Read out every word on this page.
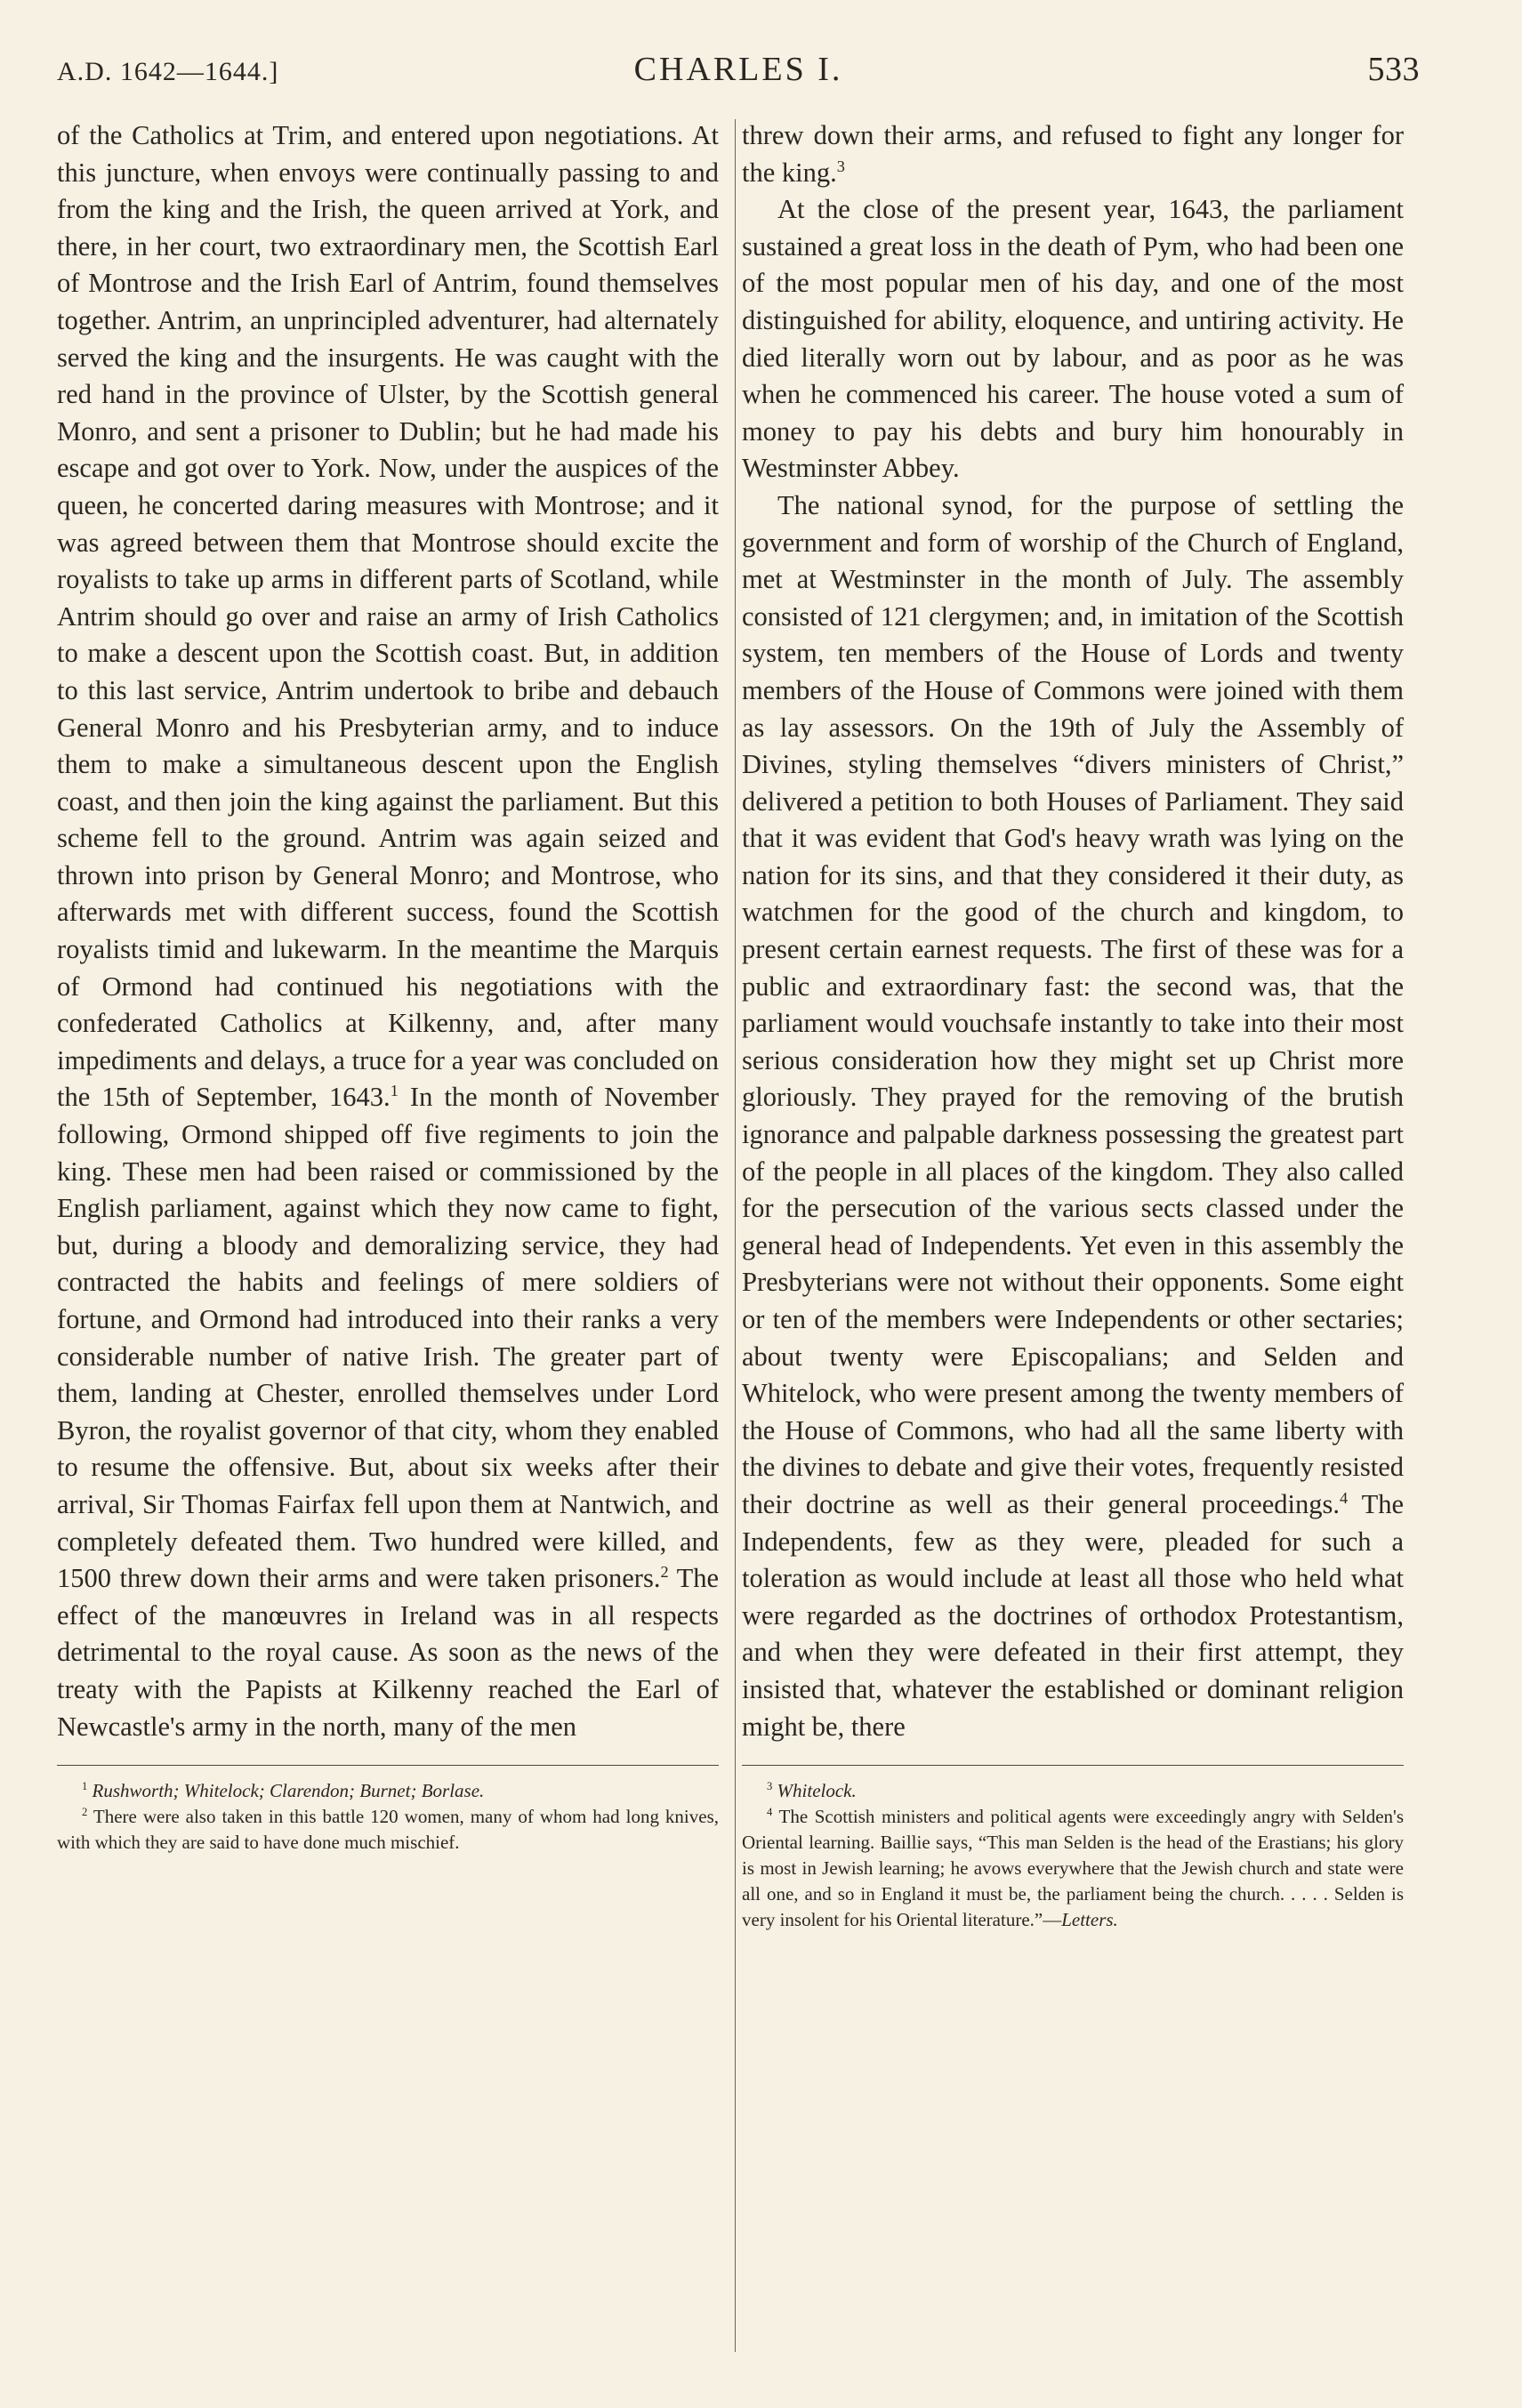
A.D. 1642—1644.]	CHARLES I.	533

of the Catholics at Trim, and entered upon negotiations. At this juncture, when envoys were continually passing to and from the king and the Irish, the queen arrived at York, and there, in her court, two extraordinary men, the Scottish Earl of Montrose and the Irish Earl of Antrim, found themselves together. Antrim, an unprincipled adventurer, had alternately served the king and the insurgents. He was caught with the red hand in the province of Ulster, by the Scottish general Monro, and sent a prisoner to Dublin; but he had made his escape and got over to York. Now, under the auspices of the queen, he concerted daring measures with Montrose; and it was agreed between them that Montrose should excite the royalists to take up arms in different parts of Scotland, while Antrim should go over and raise an army of Irish Catholics to make a descent upon the Scottish coast. But, in addition to this last service, Antrim undertook to bribe and debauch General Monro and his Presbyterian army, and to induce them to make a simultaneous descent upon the English coast, and then join the king against the parliament. But this scheme fell to the ground. Antrim was again seized and thrown into prison by General Monro; and Montrose, who afterwards met with different success, found the Scottish royalists timid and lukewarm. In the meantime the Marquis of Ormond had continued his negotiations with the confederated Catholics at Kilkenny, and, after many impediments and delays, a truce for a year was concluded on the 15th of September, 1643.$^1$ In the month of November following, Ormond shipped off five regiments to join the king. These men had been raised or commissioned by the English parliament, against which they now came to fight, but, during a bloody and demoralizing service, they had contracted the habits and feelings of mere soldiers of fortune, and Ormond had introduced into their ranks a very considerable number of native Irish. The greater part of them, landing at Chester, enrolled themselves under Lord Byron, the royalist governor of that city, whom they enabled to resume the offensive. But, about six weeks after their arrival, Sir Thomas Fairfax fell upon them at Nantwich, and completely defeated them. Two hundred were killed, and 1500 threw down their arms and were taken prisoners.$^2$ The effect of the manœuvres in Ireland was in all respects detrimental to the royal cause. As soon as the news of the treaty with the Papists at Kilkenny reached the Earl of Newcastle's army in the north, many of the men

$^1$ Rushworth; Whitelock; Clarendon; Burnet; Borlase.

$^2$ There were also taken in this battle 120 women, many of whom had long knives, with which they are said to have done much mischief.

threw down their arms, and refused to fight any longer for the king.$^3$

At the close of the present year, 1643, the parliament sustained a great loss in the death of Pym, who had been one of the most popular men of his day, and one of the most distinguished for ability, eloquence, and untiring activity. He died literally worn out by labour, and as poor as he was when he commenced his career. The house voted a sum of money to pay his debts and bury him honourably in Westminster Abbey.

The national synod, for the purpose of settling the government and form of worship of the Church of England, met at Westminster in the month of July. The assembly consisted of 121 clergymen; and, in imitation of the Scottish system, ten members of the House of Lords and twenty members of the House of Commons were joined with them as lay assessors. On the 19th of July the Assembly of Divines, styling themselves “divers ministers of Christ,” delivered a petition to both Houses of Parliament. They said that it was evident that God's heavy wrath was lying on the nation for its sins, and that they considered it their duty, as watchmen for the good of the church and kingdom, to present certain earnest requests. The first of these was for a public and extraordinary fast: the second was, that the parliament would vouchsafe instantly to take into their most serious consideration how they might set up Christ more gloriously. They prayed for the removing of the brutish ignorance and palpable darkness possessing the greatest part of the people in all places of the kingdom. They also called for the persecution of the various sects classed under the general head of Independents. Yet even in this assembly the Presbyterians were not without their opponents. Some eight or ten of the members were Independents or other sectaries; about twenty were Episcopalians; and Selden and Whitelock, who were present among the twenty members of the House of Commons, who had all the same liberty with the divines to debate and give their votes, frequently resisted their doctrine as well as their general proceedings.$^4$ The Independents, few as they were, pleaded for such a toleration as would include at least all those who held what were regarded as the doctrines of orthodox Protestantism, and when they were defeated in their first attempt, they insisted that, whatever the established or dominant religion might be, there

$^3$ Whitelock.

$^4$ The Scottish ministers and political agents were exceedingly angry with Selden's Oriental learning. Baillie says, “This man Selden is the head of the Erastians; his glory is most in Jewish learning; he avows everywhere that the Jewish church and state were all one, and so in England it must be, the parliament being the church. . . . . Selden is very insolent for his Oriental literature.”—Letters.
